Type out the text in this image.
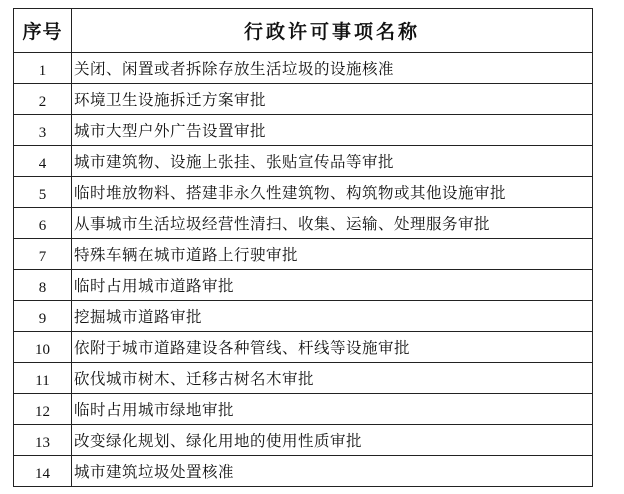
序号	行政许可事项名称
1	关闭、闲置或者拆除存放生活垃圾的设施核准
2	环境卫生设施拆迁方案审批
3	城市大型户外广告设置审批
4	城市建筑物、设施上张挂、张贴宣传品等审批
5	临时堆放物料、搭建非永久性建筑物、构筑物或其他设施审批
6	从事城市生活垃圾经营性清扫、收集、运输、处理服务审批
7	特殊车辆在城市道路上行驶审批
8	临时占用城市道路审批
9	挖掘城市道路审批
10	依附于城市道路建设各种管线、杆线等设施审批
11	砍伐城市树木、迁移古树名木审批
12	临时占用城市绿地审批
13	改变绿化规划、绿化用地的使用性质审批
14	城市建筑垃圾处置核准
